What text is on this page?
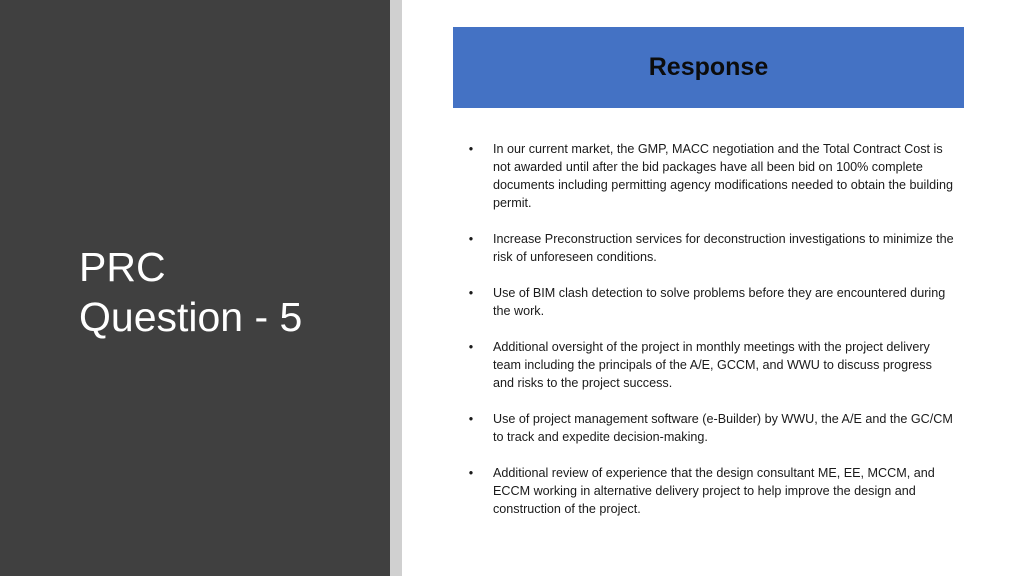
PRC
Question - 5
Response
•	In our current market, the GMP, MACC negotiation and the Total Contract Cost is not awarded until after the bid packages have all been bid on 100% complete documents including permitting agency modifications needed to obtain the building permit.
•	Increase Preconstruction services for deconstruction investigations to minimize the risk of unforeseen conditions.
•	Use of BIM clash detection to solve problems before they are encountered during the work.
•	Additional oversight of the project in monthly meetings with the project delivery team including the principals of the A/E, GCCM, and WWU to discuss progress and risks to the project success.
•	Use of project management software (e-Builder) by WWU, the A/E and the GC/CM to track and expedite decision-making.
•	Additional review of experience that the design consultant ME, EE, MCCM, and ECCM working in alternative delivery project to help improve the design and construction of the project.
